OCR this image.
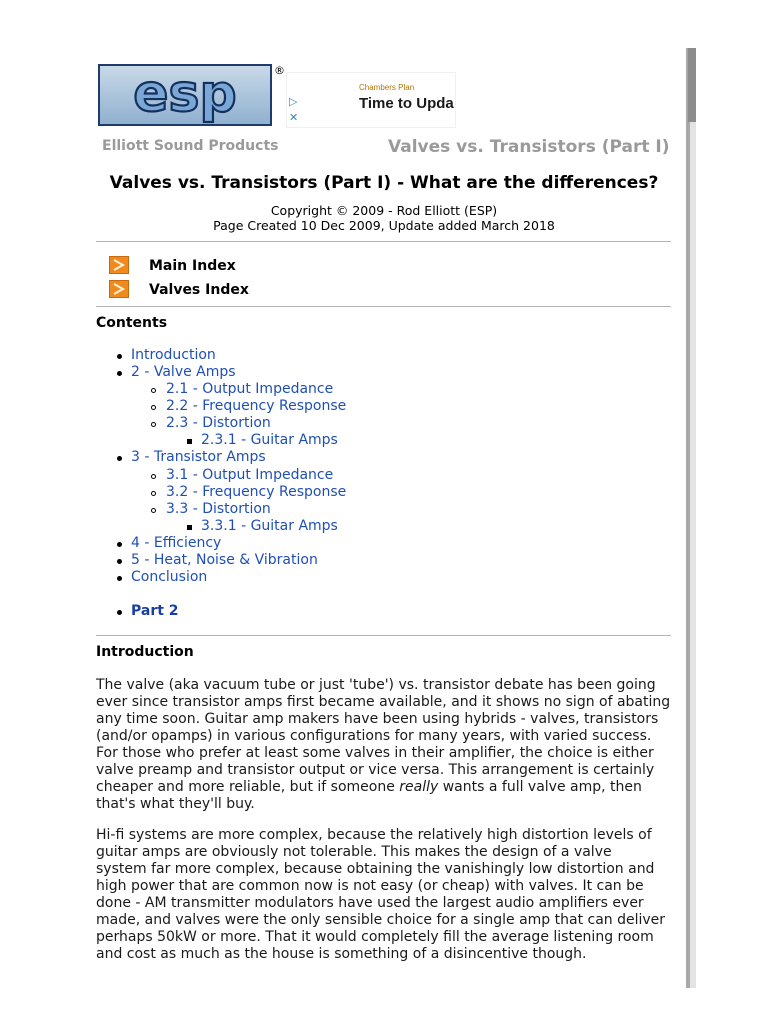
esp	®
▷
✕
Chambers Plan
Time to Upda
Elliott Sound Products	Valves vs. Transistors (Part I)
Valves vs. Transistors (Part I) - What are the differences?
Copyright © 2009 - Rod Elliott (ESP)
Page Created 10 Dec 2009, Update added March 2018
Main Index
Valves Index
Contents
Introduction
2 - Valve Amps
2.1 - Output Impedance
2.2 - Frequency Response
2.3 - Distortion
2.3.1 - Guitar Amps
3 - Transistor Amps
3.1 - Output Impedance
3.2 - Frequency Response
3.3 - Distortion
3.3.1 - Guitar Amps
4 - Efficiency
5 - Heat, Noise & Vibration
Conclusion
Part 2
Introduction
The valve (aka vacuum tube or just 'tube') vs. transistor debate has been going
ever since transistor amps first became available, and it shows no sign of abating
any time soon. Guitar amp makers have been using hybrids - valves, transistors
(and/or opamps) in various configurations for many years, with varied success.
For those who prefer at least some valves in their amplifier, the choice is either
valve preamp and transistor output or vice versa. This arrangement is certainly
cheaper and more reliable, but if someone really wants a full valve amp, then
that's what they'll buy.
Hi-fi systems are more complex, because the relatively high distortion levels of
guitar amps are obviously not tolerable. This makes the design of a valve
system far more complex, because obtaining the vanishingly low distortion and
high power that are common now is not easy (or cheap) with valves. It can be
done - AM transmitter modulators have used the largest audio amplifiers ever
made, and valves were the only sensible choice for a single amp that can deliver
perhaps 50kW or more. That it would completely fill the average listening room
and cost as much as the house is something of a disincentive though.
